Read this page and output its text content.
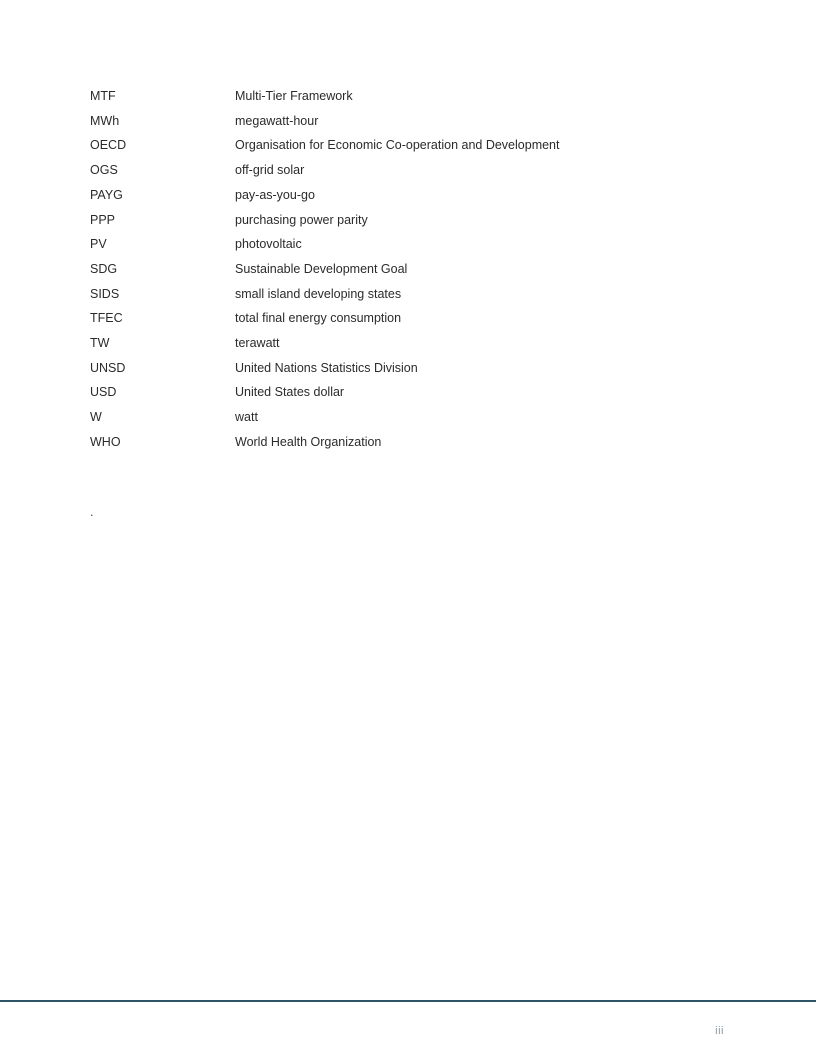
MTF	Multi-Tier Framework
MWh	megawatt-hour
OECD	Organisation for Economic Co-operation and Development
OGS	off-grid solar
PAYG	pay-as-you-go
PPP	purchasing power parity
PV	photovoltaic
SDG	Sustainable Development Goal
SIDS	small island developing states
TFEC	total final energy consumption
TW	terawatt
UNSD	United Nations Statistics Division
USD	United States dollar
W	watt
WHO	World Health Organization
.
iii
